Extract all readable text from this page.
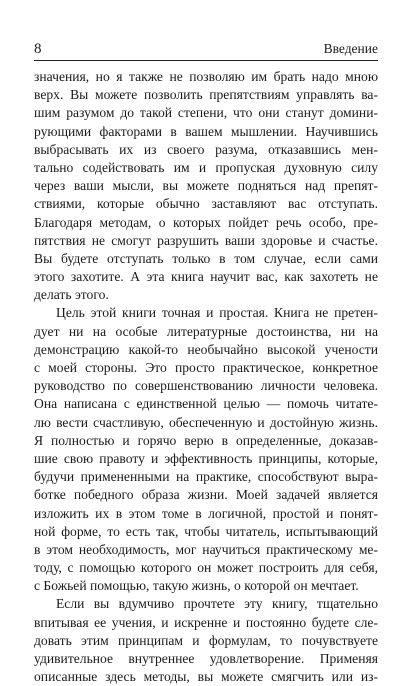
8	Введение
значения, но я также не позволяю им брать надо мною
верх. Вы можете позволить препятствиям управлять ва-
шим разумом до такой степени, что они станут домини-
рующими факторами в вашем мышлении. Научившись
выбрасывать их из своего разума, отказавшись мен-
тально содействовать им и пропуская духовную силу
через ваши мысли, вы можете подняться над препят-
ствиями, которые обычно заставляют вас отступать.
Благодаря методам, о которых пойдет речь особо, пре-
пятствия не смогут разрушить ваши здоровье и счастье.
Вы будете отступать только в том случае, если сами
этого захотите. А эта книга научит вас, как захотеть не
делать этого.
Цель этой книги точная и простая. Книга не претен-
дует ни на особые литературные достоинства, ни на
демонстрацию какой-то необычайно высокой учености
с моей стороны. Это просто практическое, конкретное
руководство по совершенствованию личности человека.
Она написана с единственной целью — помочь читате-
лю вести счастливую, обеспеченную и достойную жизнь.
Я полностью и горячо верю в определенные, доказав-
шие свою правоту и эффективность принципы, которые,
будучи примененными на практике, способствуют выра-
ботке победного образа жизни. Моей задачей является
изложить их в этом томе в логичной, простой и понят-
ной форме, то есть так, чтобы читатель, испытывающий
в этом необходимость, мог научиться практическому ме-
тоду, с помощью которого он может построить для себя,
с Божьей помощью, такую жизнь, о которой он мечтает.
Если вы вдумчиво прочтете эту книгу, тщательно
впитывая ее учения, и искренне и постоянно будете сле-
довать этим принципам и формулам, то почувствуете
удивительное внутреннее удовлетворение. Применяя
описанные здесь методы, вы можете смягчить или из-
